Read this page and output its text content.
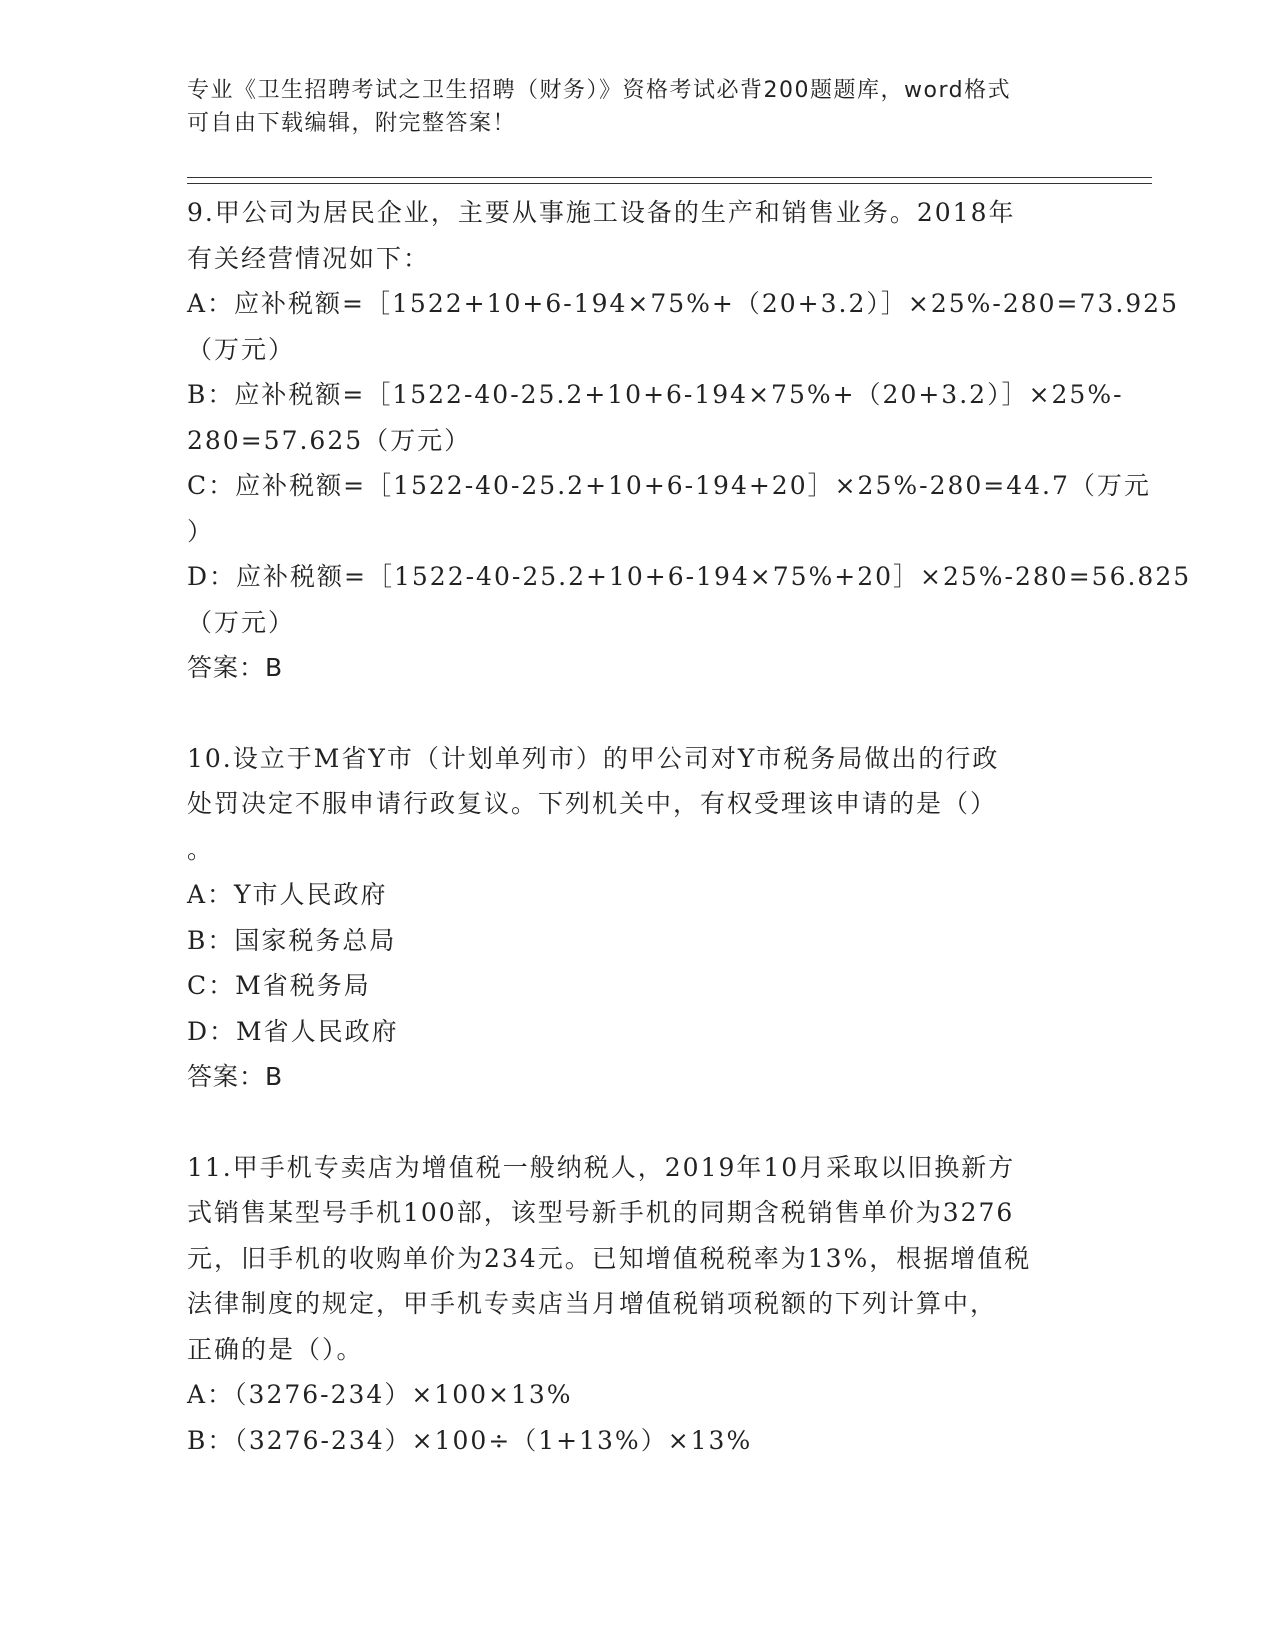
专业《卫生招聘考试之卫生招聘（财务）》资格考试必背200题题库，word格式
可自由下载编辑，附完整答案！
9.甲公司为居民企业，主要从事施工设备的生产和销售业务。2018年
有关经营情况如下：
A：应补税额=［1522+10+6-194×75%+（20+3.2）］×25%-280=73.925
（万元）
B：应补税额=［1522-40-25.2+10+6-194×75%+（20+3.2）］×25%-
280=57.625（万元）
C：应补税额=［1522-40-25.2+10+6-194+20］×25%-280=44.7（万元
）
D：应补税额=［1522-40-25.2+10+6-194×75%+20］×25%-280=56.825
（万元）
答案：B
10.设立于M省Y市（计划单列市）的甲公司对Y市税务局做出的行政
处罚决定不服申请行政复议。下列机关中，有权受理该申请的是（）
。
A：Y市人民政府
B：国家税务总局
C：M省税务局
D：M省人民政府
答案：B
11.甲手机专卖店为增值税一般纳税人，2019年10月采取以旧换新方
式销售某型号手机100部，该型号新手机的同期含税销售单价为3276
元，旧手机的收购单价为234元。已知增值税税率为13%，根据增值税
法律制度的规定，甲手机专卖店当月增值税销项税额的下列计算中，
正确的是（）。
A：（3276-234）×100×13%
B：（3276-234）×100÷（1+13%）×13%
